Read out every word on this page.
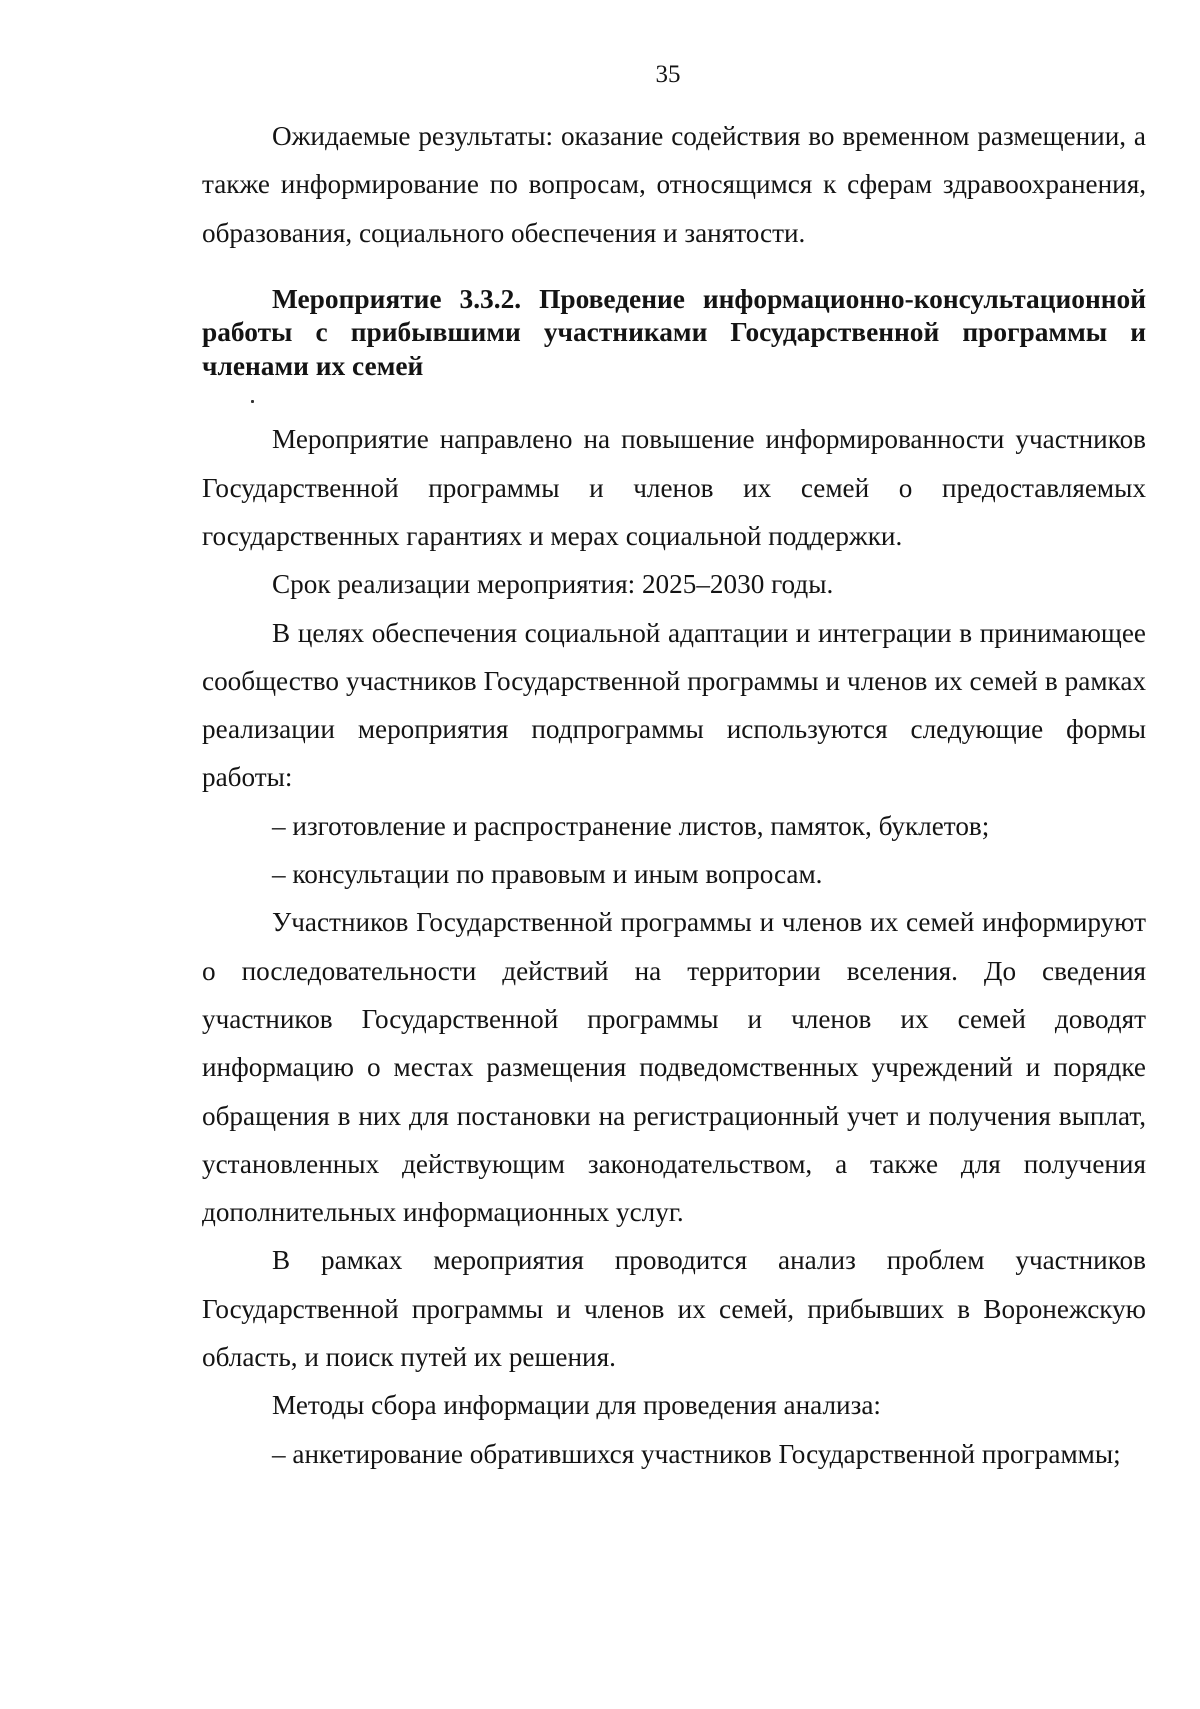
35

Ожидаемые результаты: оказание содействия во временном размещении, а также информирование по вопросам, относящимся к сферам здравоохранения, образования, социального обеспечения и занятости.

Мероприятие 3.3.2. Проведение информационно-консультационной работы с прибывшими участниками Государственной программы и членами их семей

Мероприятие направлено на повышение информированности участников Государственной программы и членов их семей о предоставляемых государственных гарантиях и мерах социальной поддержки.

Срок реализации мероприятия: 2025–2030 годы.

В целях обеспечения социальной адаптации и интеграции в принимающее сообщество участников Государственной программы и членов их семей в рамках реализации мероприятия подпрограммы используются следующие формы работы:

– изготовление и распространение листов, памяток, буклетов;

– консультации по правовым и иным вопросам.

Участников Государственной программы и членов их семей информируют о последовательности действий на территории вселения. До сведения участников Государственной программы и членов их семей доводят информацию о местах размещения подведомственных учреждений и порядке обращения в них для постановки на регистрационный учет и получения выплат, установленных действующим законодательством, а также для получения дополнительных информационных услуг.

В рамках мероприятия проводится анализ проблем участников Государственной программы и членов их семей, прибывших в Воронежскую область, и поиск путей их решения.

Методы сбора информации для проведения анализа:

– анкетирование обратившихся участников Государственной программы;
